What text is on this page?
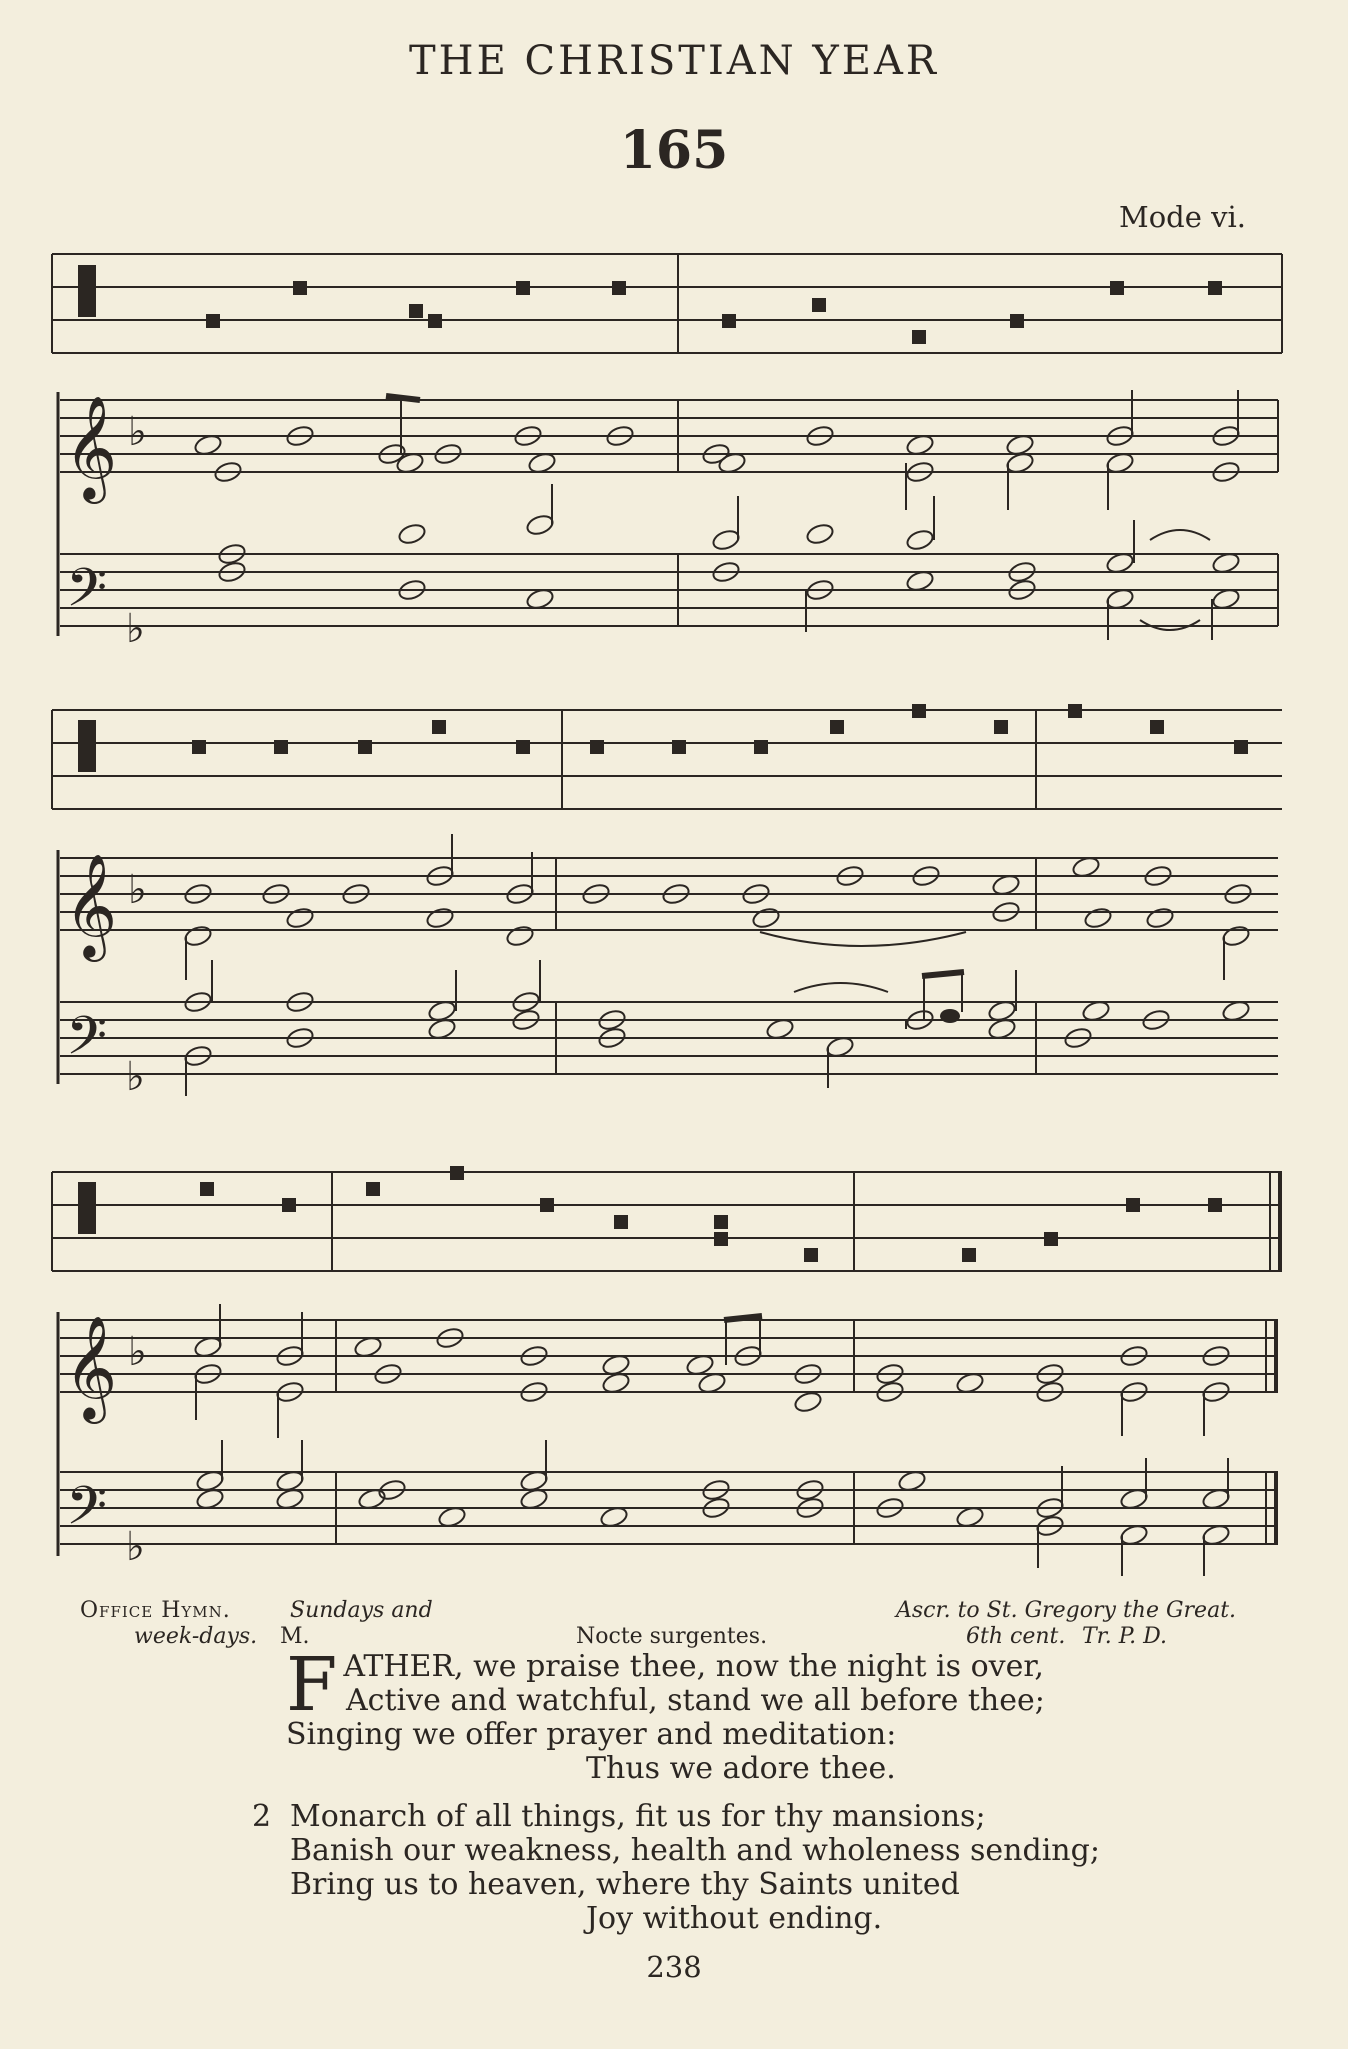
THE CHRISTIAN YEAR
165
Mode vi.
𝄞 ♭
𝄢 ♭
𝄞 ♭
𝄢 ♭
𝄞 ♭
𝄢 ♭
Office Hymn.	Sundays and
week-days. M.	Nocte surgentes.
Ascr. to St. Gregory the Great.
6th cent. Tr. P. D.
F ATHER, we praise thee, now the night is over,
Active and watchful, stand we all before thee;
Singing we offer prayer and meditation:
Thus we adore thee.
2 Monarch of all things, fit us for thy mansions;
Banish our weakness, health and wholeness sending;
Bring us to heaven, where thy Saints united
Joy without ending.
238
